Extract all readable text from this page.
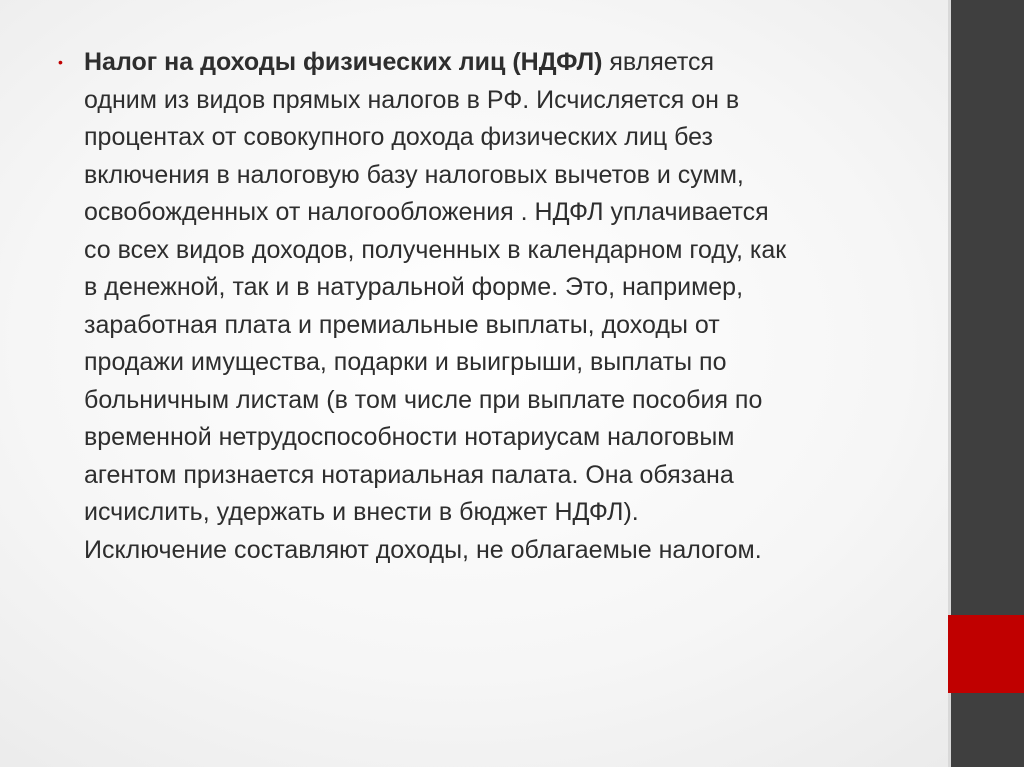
• Налог на доходы физических лиц (НДФЛ) является
одним из видов прямых налогов в РФ. Исчисляется он в
процентах от совокупного дохода физических лиц без
включения в налоговую базу налоговых вычетов и сумм,
освобожденных от налогообложения . НДФЛ уплачивается
со всех видов доходов, полученных в календарном году, как
в денежной, так и в натуральной форме. Это, например,
заработная плата и премиальные выплаты, доходы от
продажи имущества, подарки и выигрыши, выплаты по
больничным листам (в том числе при выплате пособия по
временной нетрудоспособности нотариусам налоговым
агентом признается нотариальная палата. Она обязана
исчислить, удержать и внести в бюджет НДФЛ).
Исключение составляют доходы, не облагаемые налогом.
